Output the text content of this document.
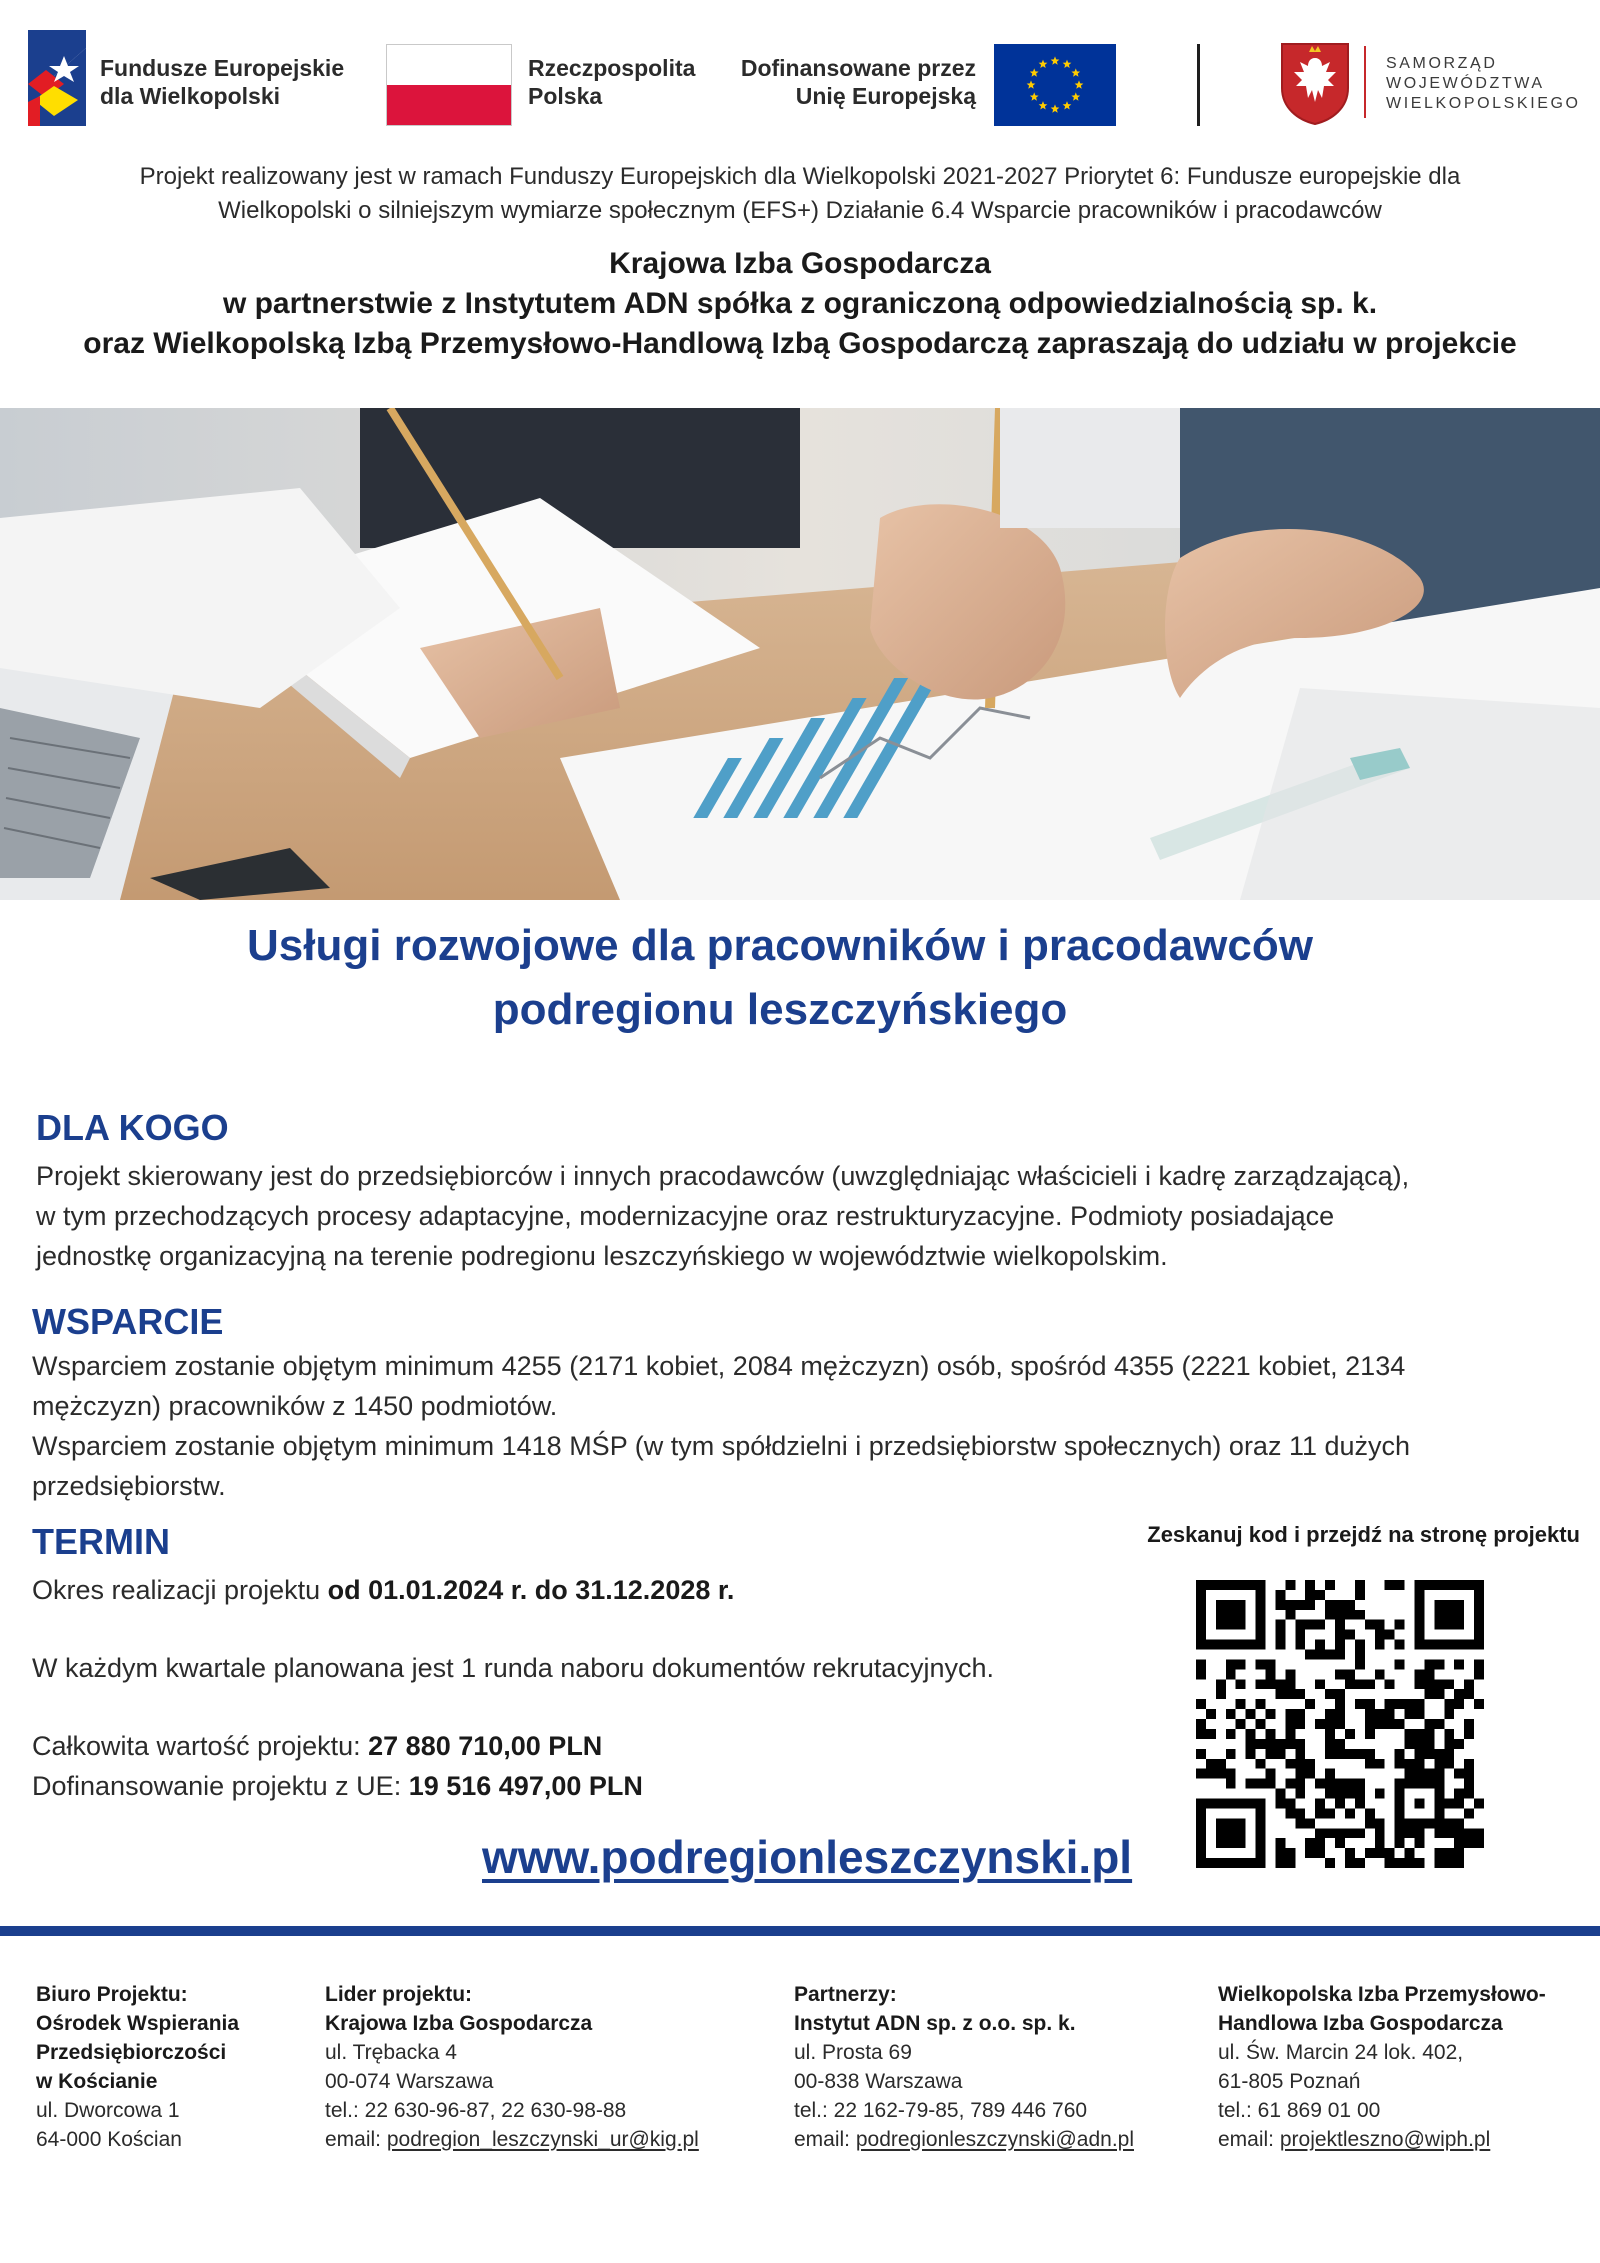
Fundusze Europejskie
dla Wielkopolski
Rzeczpospolita
Polska
Dofinansowane przez
Unię Europejską
SAMORZĄD
WOJEWÓDZTWA
WIELKOPOLSKIEGO
Projekt realizowany jest w ramach Funduszy Europejskich dla Wielkopolski 2021-2027 Priorytet 6: Fundusze europejskie dla
Wielkopolski o silniejszym wymiarze społecznym (EFS+) Działanie 6.4 Wsparcie pracowników i pracodawców
Krajowa Izba Gospodarcza
w partnerstwie z Instytutem ADN spółka z ograniczoną odpowiedzialnością sp. k.
oraz Wielkopolską Izbą Przemysłowo-Handlową Izbą Gospodarczą zapraszają do udziału w projekcie
Usługi rozwojowe dla pracowników i pracodawców
podregionu leszczyńskiego
DLA KOGO
Projekt skierowany jest do przedsiębiorców i innych pracodawców (uwzględniając właścicieli i kadrę zarządzającą),
w tym przechodzących procesy adaptacyjne, modernizacyjne oraz restrukturyzacyjne. Podmioty posiadające
jednostkę organizacyjną na terenie podregionu leszczyńskiego w województwie wielkopolskim.
WSPARCIE
Wsparciem zostanie objętym minimum 4255 (2171 kobiet, 2084 mężczyzn) osób, spośród 4355 (2221 kobiet, 2134
mężczyzn) pracowników z 1450 podmiotów.
Wsparciem zostanie objętym minimum 1418 MŚP (w tym spółdzielni i przedsiębiorstw społecznych) oraz 11 dużych
przedsiębiorstw.
TERMIN
Okres realizacji projektu od 01.01.2024 r. do 31.12.2028 r.
W każdym kwartale planowana jest 1 runda naboru dokumentów rekrutacyjnych.
Całkowita wartość projektu: 27 880 710,00 PLN
Dofinansowanie projektu z UE: 19 516 497,00 PLN
www.podregionleszczynski.pl
Zeskanuj kod i przejdź na stronę projektu
Biuro Projektu:
Ośrodek Wspierania
Przedsiębiorczości
w Kościanie
ul. Dworcowa 1
64-000 Kościan
Lider projektu:
Krajowa Izba Gospodarcza
ul. Trębacka 4
00-074 Warszawa
tel.: 22 630-96-87, 22 630-98-88
email: podregion_leszczynski_ur@kig.pl
Partnerzy:
Instytut ADN sp. z o.o. sp. k.
ul. Prosta 69
00-838 Warszawa
tel.: 22 162-79-85, 789 446 760
email: podregionleszczynski@adn.pl
Wielkopolska Izba Przemysłowo-
Handlowa Izba Gospodarcza
ul. Św. Marcin 24 lok. 402,
61-805 Poznań
tel.: 61 869 01 00
email: projektleszno@wiph.pl
